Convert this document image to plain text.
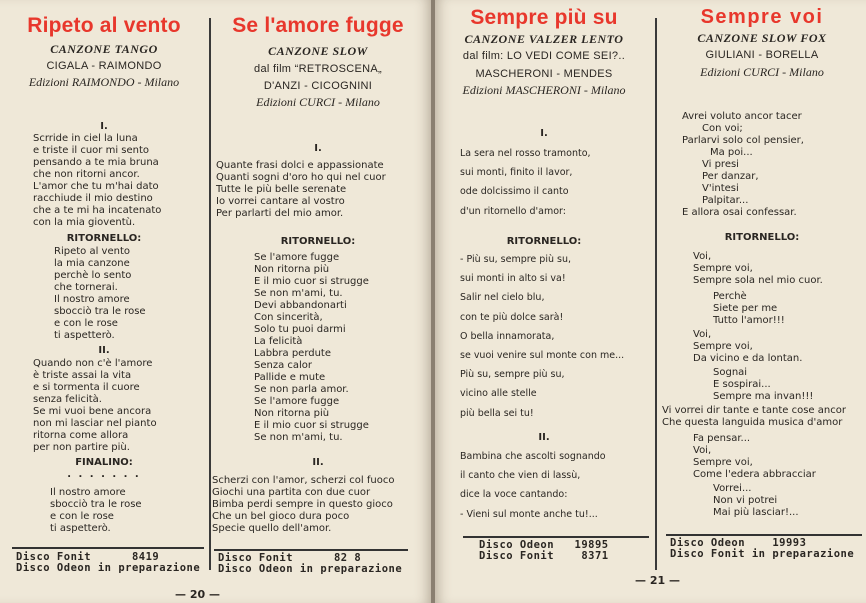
Ripeto al vento
CANZONE TANGO
CIGALA - RAIMONDO
Edizioni RAIMONDO - Milano
I.
Scrride in ciel la luna
e triste il cuor mi sento
pensando a te mia bruna
che non ritorni ancor.
L'amor che tu m'hai dato
racchiude il mio destino
che a te mi ha incatenato
con la mia gioventù.
RITORNELLO:
Ripeto al vento
la mia canzone
perchè lo sento
che tornerai.
Il nostro amore
sbocciò tra le rose
e con le rose
ti aspetterò.
II.
Quando non c'è l'amore
è triste assai la vita
e si tormenta il cuore
senza felicità.
Se mi vuoi bene ancora
non mi lasciar nel pianto
ritorna come allora
per non partire più.
FINALINO:
. . . . . . .
Il nostro amore
sbocciò tra le rose
e con le rose
ti aspetterò.
Disco Fonit      8419
Disco Odeon in preparazione
Se l'amore fugge
CANZONE SLOW
dal film “RETROSCENA„
D'ANZI - CICOGNINI
Edizioni CURCI - Milano
I.
Quante frasi dolci e appassionate
Quanti sogni d'oro ho qui nel cuor
Tutte le più belle serenate
Io vorrei cantare al vostro
Per parlarti del mio amor.
RITORNELLO:
Se l'amore fugge
Non ritorna più
E il mio cuor si strugge
Se non m'ami, tu.
Devi abbandonarti
Con sincerità,
Solo tu puoi darmi
La felicità
Labbra perdute
Senza calor
Pallide e mute
Se non parla amor.
Se l'amore fugge
Non ritorna più
E il mio cuor si strugge
Se non m'ami, tu.
II.
Scherzi con l'amor, scherzi col fuoco
Giochi una partita con due cuor
Bimba perdi sempre in questo gioco
Che un bel gioco dura poco
Specie quello dell'amor.
Disco Fonit      82 8
Disco Odeon in preparazione
— 20 —
Sempre più su
CANZONE VALZER LENTO
dal film: LO VEDI COME SEI?..
MASCHERONI - MENDES
Edizioni MASCHERONI - Milano
I.
La sera nel rosso tramonto,
sui monti, finito il lavor,
ode dolcissimo il canto
d'un ritornello d'amor:
RITORNELLO:
- Più su, sempre più su,
sui monti in alto si va!
Salir nel cielo blu,
con te più dolce sarà!
O bella innamorata,
se vuoi venire sul monte con me...
Più su, sempre più su,
vicino alle stelle
più bella sei tu!
II.
Bambina che ascolti sognando
il canto che vien di lassù,
dice la voce cantando:
- Vieni sul monte anche tu!...
Disco Odeon   19895
Disco Fonit    8371
Sempre voi
CANZONE SLOW FOX
GIULIANI - BORELLA
Edizioni CURCI - Milano
Avrei voluto ancor tacer
Con voi;
Parlarvi solo col pensier,
Ma poi...
Vi presi
Per danzar,
V'intesi
Palpitar...
E allora osai confessar.
RITORNELLO:
Voi,
Sempre voi,
Sempre sola nel mio cuor.
Perchè
Siete per me
Tutto l'amor!!!
Voi,
Sempre voi,
Da vicino e da lontan.
Sognai
E sospirai...
Sempre ma invan!!!
Vi vorrei dir tante e tante cose ancor
Che questa languida musica d'amor
Fa pensar...
Voi,
Sempre voi,
Come l'edera abbracciar
Vorrei...
Non vi potrei
Mai più lasciar!...
Disco Odeon    19993
Disco Fonit in preparazione
— 21 —
